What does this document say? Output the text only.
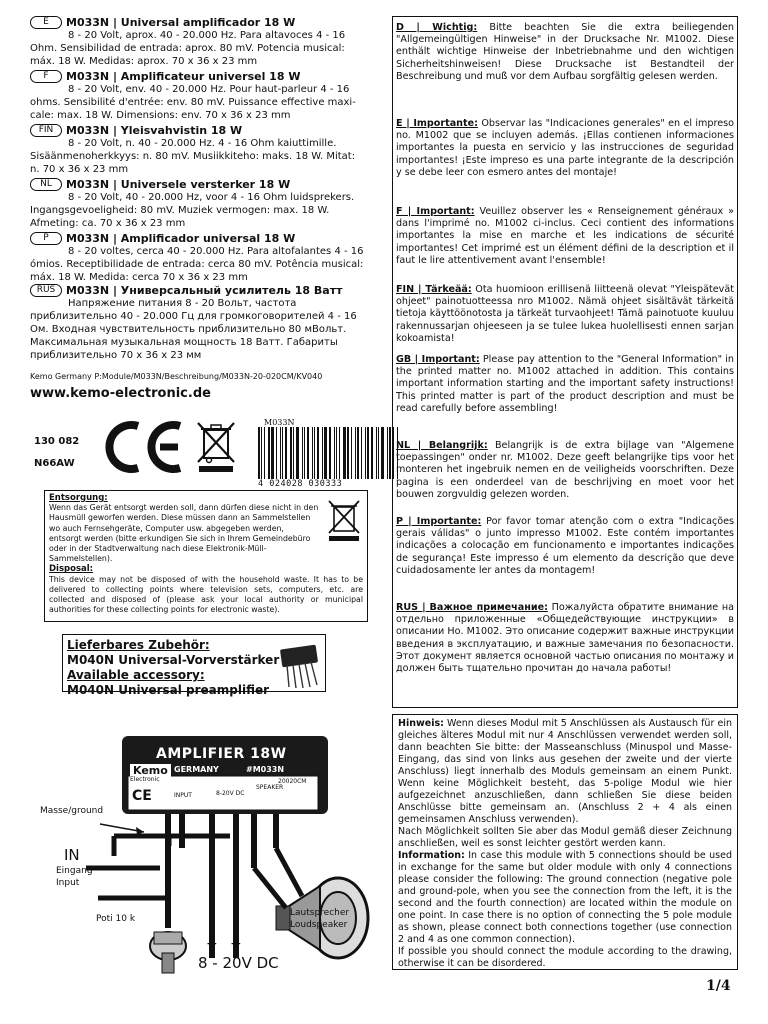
E M033N | Universal amplificador 18 W
8 - 20 Volt, aprox. 40 - 20.000 Hz. Para altavoces 4 - 16 Ohm. Sensibilidad de entrada: aprox. 80 mV. Potencia musical: máx. 18 W. Medidas: aprox. 70 x 36 x 23 mm
F M033N | Amplificateur universel 18 W
8 - 20 Volt, env. 40 - 20.000 Hz. Pour haut-parleur 4 - 16 ohms. Sensibilité d'entrée: env. 80 mV. Puissance effective maxi-cale: max. 18 W. Dimensions: env. 70 x 36 x 23 mm
FIN M033N | Yleisvahvistin 18 W
8 - 20 Volt, n. 40 - 20.000 Hz. 4 - 16 Ohm kaiuttimille. Sisäänmenoherkkyys: n. 80 mV. Musiikkiteho: maks. 18 W. Mitat: n. 70 x 36 x 23 mm
NL M033N | Universele versterker 18 W
8 - 20 Volt, 40 - 20.000 Hz, voor 4 - 16 Ohm luidsprekers. Ingangsgevoeligheid: 80 mV. Muziek vermogen: max. 18 W. Afmeting: ca. 70 x 36 x 23 mm
P M033N | Amplificador universal 18 W
8 - 20 voltes, cerca 40 - 20.000 Hz. Para altofalantes 4 - 16 ómios. Receptibilidade de entrada: cerca 80 mV. Potência musical: máx. 18 W. Medida: cerca 70 x 36 x 23 mm
RUS M033N | Универсальный усилитель 18 Ватт
Напряжение питания 8 - 20 Вольт, частота приблизительно 40 - 20.000 Гц для громкоговорителей 4 - 16 Ом. Входная чувствительность приблизительно 80 мВольт. Максимальная музыкальная мощность 18 Ватт. Габариты приблизительно 70 x 36 x 23 мм
Kemo Germany P:Module/M033N/Beschreibung/M033N-20-020CM/KV040
www.kemo-electronic.de
130 082
N66AW
M033N
4 024028 030333
Entsorgung:
Wenn das Gerät entsorgt werden soll, dann dürfen diese nicht in den Hausmüll geworfen werden. Diese müssen dann an Sammelstellen wo auch Fernsehgeräte, Computer usw. abgegeben werden, entsorgt werden (bitte erkundigen Sie sich in Ihrem Gemeindebüro oder in der Stadtverwaltung nach diese Elektronik-Müll-Sammelstellen).
Disposal:
This device may not be disposed of with the household waste. It has to be delivered to collecting points where television sets, computers, etc. are collected and disposed of (please ask your local authority or municipal authorities for these collecting points for electronic waste).
Lieferbares Zubehör:
M040N Universal-Vorverstärker
Available accessory:
M040N Universal preamplifier
AMPLIFIER 18W
Kemo GERMANY	#M033N
Electronic	20020CM
CE	INPUT	8-20V DC
SPEAKER
Masse/ground
IN
Eingang
Input
Poti 10 k
Lautsprecher
Loudspeaker
+ −
8 - 20V DC
D | Wichtig: Bitte beachten Sie die extra beiliegenden "Allgemeingültigen Hinweise" in der Drucksache Nr. M1002. Diese enthält wichtige Hinweise der Inbetriebnahme und den wichtigen Sicherheitshinweisen! Diese Drucksache ist Bestandteil der Beschreibung und muß vor dem Aufbau sorgfältig gelesen werden.
E | Importante: Observar las "Indicaciones generales" en el impreso no. M1002 que se incluyen además. ¡Ellas contienen informaciones importantes la puesta en servicio y las instrucciones de seguridad importantes! ¡Este impreso es una parte integrante de la descripción y se debe leer con esmero antes del montaje!
F | Important: Veuillez observer les « Renseignement généraux » dans l'imprimé no. M1002 ci-inclus. Ceci contient des informations importantes la mise en marche et les indications de sécurité importantes! Cet imprimé est un élément défini de la description et il faut le lire attentivement avant l'ensemble!
FIN | Tärkeää: Ota huomioon erillisenä liitteenä olevat "Yleispätevät ohjeet" painotuotteessa nro M1002. Nämä ohjeet sisältävät tärkeitä tietoja käyttöönotosta ja tärkeät turvaohjeet! Tämä painotuote kuuluu rakennussarjan ohjeeseen ja se tulee lukea huolellisesti ennen sarjan kokoamista!
GB | Important: Please pay attention to the "General Information" in the printed matter no. M1002 attached in addition. This contains important information starting and the important safety instructions! This printed matter is part of the product description and must be read carefully before assembling!
NL | Belangrijk: Belangrijk is de extra bijlage van "Algemene toepassingen" onder nr. M1002. Deze geeft belangrijke tips voor het monteren het ingebruik nemen en de veiligheids voorschriften. Deze pagina is een onderdeel van de beschrijving en moet voor het bouwen zorgvuldig gelezen worden.
P | Importante: Por favor tomar atenção com o extra "Indicações gerais válidas" o junto impresso M1002. Este contém importantes indicações a colocação em funcionamento e importantes indicações de segurança! Este impresso é um elemento da descrição que deve cuidadosamente ler antes da montagem!
RUS | Важное примечание: Пожалуйста обратите внимание на отдельно приложенные «Общедействующие инструкции» в описании Но. M1002. Это описание содержит важные инструкции введения в эксплуатацию, и важные замечания по безопасности. Этот документ является основной частью описания по монтажу и должен быть тщательно прочитан до начала работы!
Hinweis: Wenn dieses Modul mit 5 Anschlüssen als Austausch für ein gleiches älteres Modul mit nur 4 Anschlüssen verwendet werden soll, dann beachten Sie bitte: der Masseanschluss (Minuspol und Masse-Eingang, das sind von links aus gesehen der zweite und der vierte Anschluss) liegt innerhalb des Moduls gemeinsam an einem Punkt. Wenn keine Möglichkeit besteht, das 5-polige Modul wie hier aufgezeichnet anzuschließen, dann schließen Sie diese beiden Anschlüsse bitte gemeinsam an. (Anschluss 2 + 4 als einen gemeinsamen Anschluss verwenden).
Nach Möglichkeit sollten Sie aber das Modul gemäß dieser Zeichnung anschließen, weil es sonst leichter gestört werden kann.
Information: In case this module with 5 connections should be used in exchange for the same but older module with only 4 connections please consider the following: The ground connection (negative pole and ground-pole, when you see the connection from the left, it is the second and the fourth connection) are located within the module on one point. In case there is no option of connecting the 5 pole module as shown, please connect both connections together (use connection 2 and 4 as one common connection).
If possible you should connect the module according to the drawing, otherwise it can be disordered.
1/4
